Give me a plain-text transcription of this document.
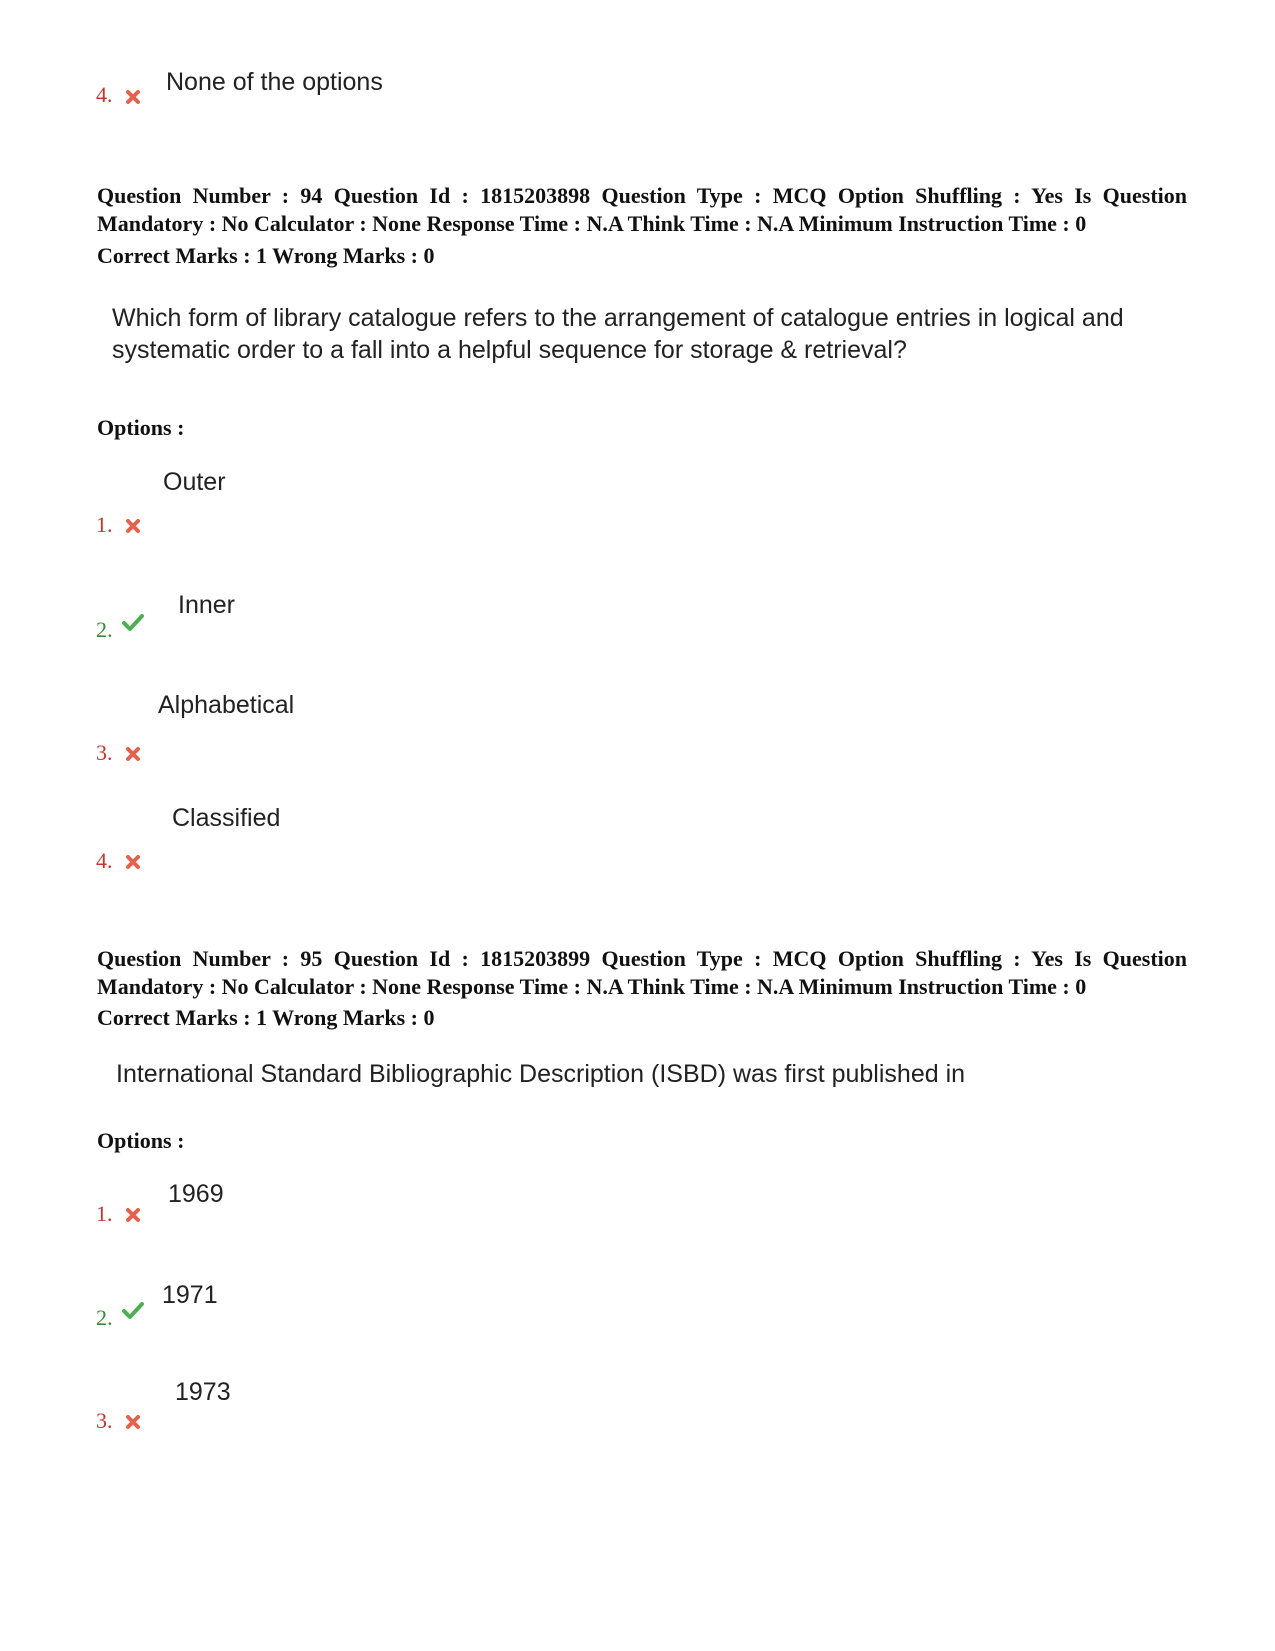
4. None of the options
Question Number : 94 Question Id : 1815203898 Question Type : MCQ Option Shuffling : Yes Is Question Mandatory : No Calculator : None Response Time : N.A Think Time : N.A Minimum Instruction Time : 0
Correct Marks : 1 Wrong Marks : 0
Which form of library catalogue refers to the arrangement of catalogue entries in logical and systematic order to a fall into a helpful sequence for storage & retrieval?
Options :
Outer
1.
Inner
2.
Alphabetical
3.
Classified
4.
Question Number : 95 Question Id : 1815203899 Question Type : MCQ Option Shuffling : Yes Is Question Mandatory : No Calculator : None Response Time : N.A Think Time : N.A Minimum Instruction Time : 0
Correct Marks : 1 Wrong Marks : 0
International Standard Bibliographic Description (ISBD) was first published in
Options :
1969
1.
1971
2.
1973
3.
